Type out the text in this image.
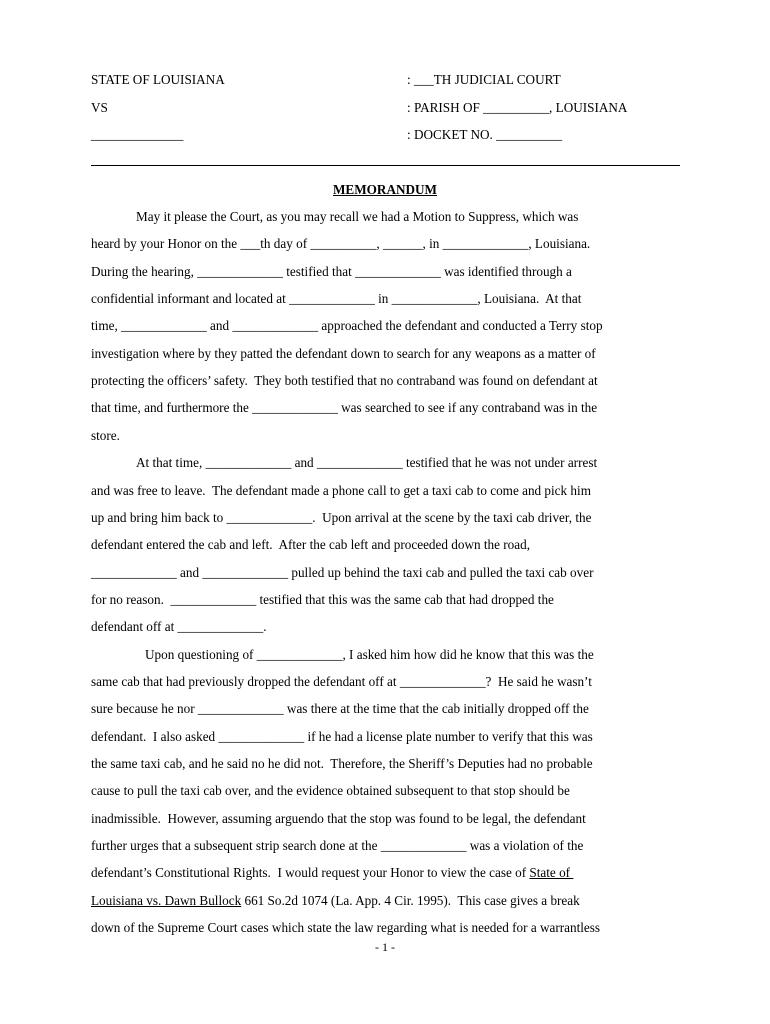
STATE OF LOUISIANA
VS
______________
: ___TH JUDICIAL COURT
: PARISH OF __________, LOUISIANA
: DOCKET NO. __________
MEMORANDUM
May it please the Court, as you may recall we had a Motion to Suppress, which was
heard by your Honor on the ___th day of __________, ______, in _____________, Louisiana.
During the hearing, _____________ testified that _____________ was identified through a
confidential informant and located at _____________ in _____________, Louisiana.  At that
time, _____________ and _____________ approached the defendant and conducted a Terry stop
investigation where by they patted the defendant down to search for any weapons as a matter of
protecting the officers’ safety.  They both testified that no contraband was found on defendant at
that time, and furthermore the _____________ was searched to see if any contraband was in the
store.
At that time, _____________ and _____________ testified that he was not under arrest
and was free to leave.  The defendant made a phone call to get a taxi cab to come and pick him
up and bring him back to _____________.  Upon arrival at the scene by the taxi cab driver, the
defendant entered the cab and left.  After the cab left and proceeded down the road,
_____________ and _____________ pulled up behind the taxi cab and pulled the taxi cab over
for no reason.  _____________ testified that this was the same cab that had dropped the
defendant off at _____________.
Upon questioning of _____________, I asked him how did he know that this was the
same cab that had previously dropped the defendant off at _____________?  He said he wasn’t
sure because he nor _____________ was there at the time that the cab initially dropped off the
defendant.  I also asked _____________ if he had a license plate number to verify that this was
the same taxi cab, and he said no he did not.  Therefore, the Sheriff’s Deputies had no probable
cause to pull the taxi cab over, and the evidence obtained subsequent to that stop should be
inadmissible.  However, assuming arguendo that the stop was found to be legal, the defendant
further urges that a subsequent strip search done at the _____________ was a violation of the
defendant’s Constitutional Rights.  I would request your Honor to view the case of State of
Louisiana vs. Dawn Bullock 661 So.2d 1074 (La. App. 4 Cir. 1995).  This case gives a break
down of the Supreme Court cases which state the law regarding what is needed for a warrantless
- 1 -
